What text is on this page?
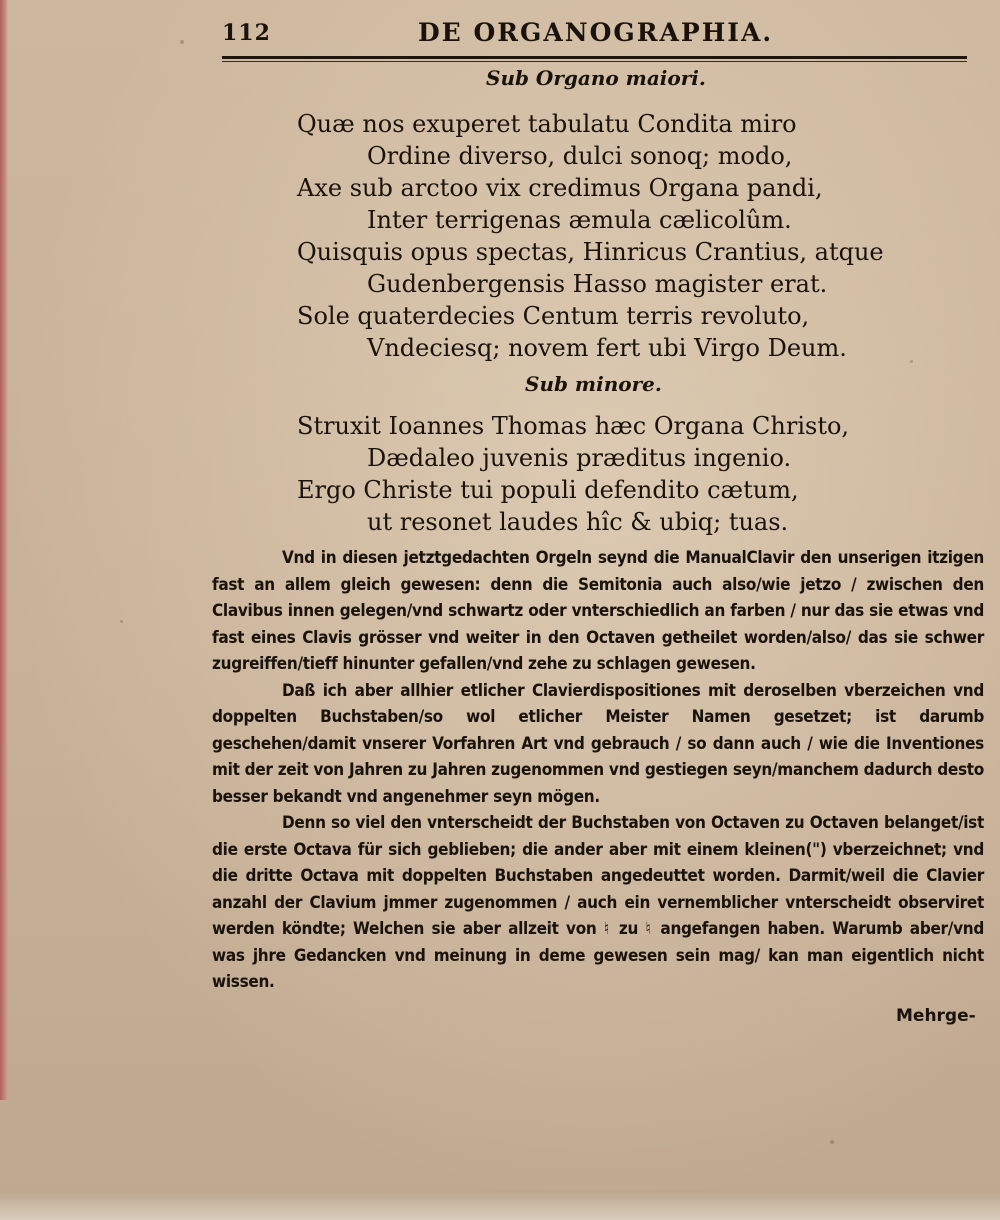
112	DE ORGANOGRAPHIA.
Sub Organo maiori.
Quæ nos exuperet tabulatu Condita miro
Ordine diverso, dulci sonoq; modo,
Axe sub arctoo vix credimus Organa pandi,
Inter terrigenas æmula cælicolûm.
Quisquis opus spectas, Hinricus Crantius, atque
Gudenbergensis Hasso magister erat.
Sole quaterdecies Centum terris revoluto,
Vndeciesq; novem fert ubi Virgo Deum.
Sub minore.
Struxit Ioannes Thomas hæc Organa Christo,
Dædaleo juvenis præditus ingenio.
Ergo Christe tui populi defendito cætum,
ut resonet laudes hîc & ubiq; tuas.

Vnd in diesen jetztgedachten Orgeln seynd die ManualClavir den unserigen itzigen fast an allem gleich gewesen: denn die Semitonia auch also/wie jetzo / zwischen den Clavibus innen gelegen/vnd schwartz oder vnterschiedlich an farben / nur das sie etwas vnd fast eines Clavis grösser vnd weiter in den Octaven getheilet worden/also/ das sie schwer zugreiffen/tieff hinunter gefallen/vnd zehe zu schlagen gewesen.

Daß ich aber allhier etlicher Clavierdispositiones mit deroselben vberzeichen vnd doppelten Buchstaben/so wol etlicher Meister Namen gesetzet; ist darumb geschehen/damit vnserer Vorfahren Art vnd gebrauch / so dann auch / wie die Inventiones mit der zeit von Jahren zu Jahren zugenommen vnd gestiegen seyn/manchem dadurch desto besser bekandt vnd angenehmer seyn mögen.

Denn so viel den vnterscheidt der Buchstaben von Octaven zu Octaven belanget/ist die erste Octava für sich geblieben; die ander aber mit einem kleinen(") vberzeichnet; vnd die dritte Octava mit doppelten Buchstaben angedeuttet worden. Darmit/weil die Clavier anzahl der Clavium jmmer zugenommen / auch ein vernemblicher vnterscheidt observiret werden köndte; Welchen sie aber allzeit von ♮ zu ♮ angefangen haben. Warumb aber/vnd was jhre Gedancken vnd meinung in deme gewesen sein mag/ kan man eigentlich nicht wissen.

Mehrge-
